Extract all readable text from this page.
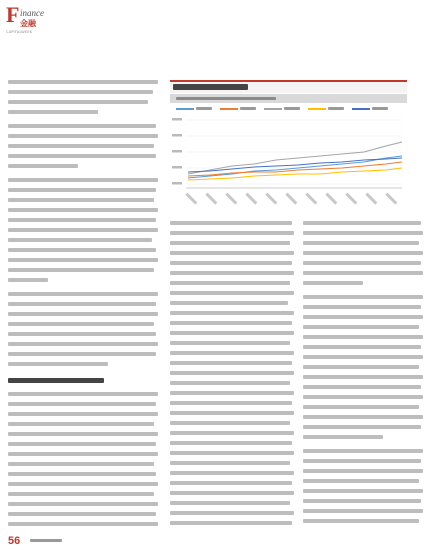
F inance
金融
CAPITALWEEK
56
